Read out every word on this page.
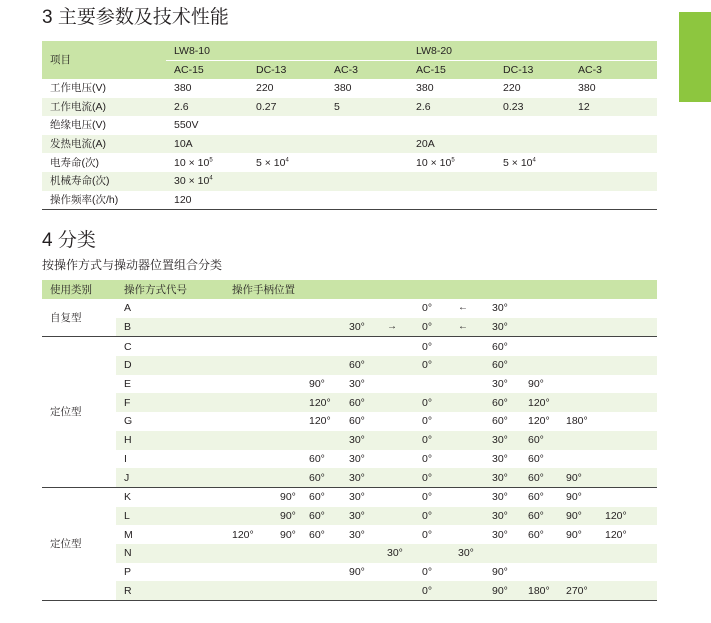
3 主要参数及技术性能
项目	LW8-10			LW8-20		
	AC-15	DC-13	AC-3	AC-15	DC-13	AC-3
工作电压(V)	380	220	380	380	220	380
工作电流(A)	2.6	0.27	5	2.6	0.23	12
绝缘电压(V)	550V					
发热电流(A)	10A			20A		
电寿命(次)	$10 \times 10^5$	$5 \times 10^4$		$10 \times 10^5$	$5 \times 10^4$	
机械寿命(次)	$30 \times 10^4$					
操作频率(次/h)	120					
4 分类
按操作方式与操动器位置组合分类
使用类别	操作方式代号	操作手柄位置										
自复型	A						0°	←	30°			
	B				30°	→	0°	←	30°			
定位型	C						0°		60°			
	D				60°		0°		60°			
	E			90°	30°				30°	90°		
	F			120°	60°		0°		60°	120°		
	G			120°	60°		0°		60°	120°	180°	
	H				30°		0°		30°	60°		
	I			60°	30°		0°		30°	60°		
	J			60°	30°		0°		30°	60°	90°	
定位型	K		90°	60°	30°		0°		30°	60°	90°	
	L		90°	60°	30°		0°		30°	60°	90°	120°
	M	120°	90°	60°	30°		0°		30°	60°	90°	120°
	N					30°		30°				
	P				90°		0°		90°			
	R						0°		90°	180°	270°	
